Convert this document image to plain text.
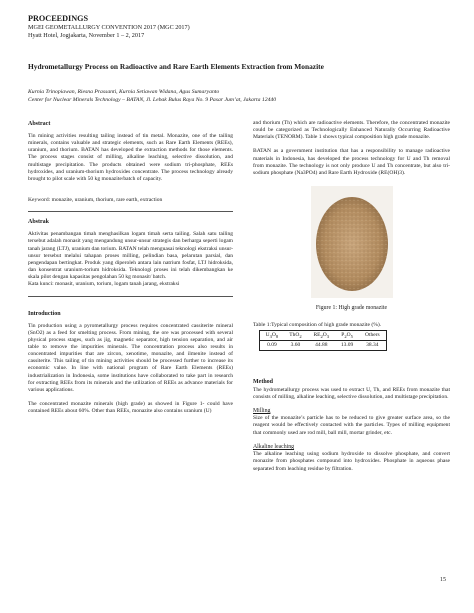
PROCEEDINGS
MGEI GEOMETALLURGY CONVENTION 2017 (MGC 2017)
Hyatt Hotel, Jogjakarta, November 1 – 2, 2017
Hydrometallurgy Process on Radioactive and Rare Earth Elements Extraction from Monazite
Kurnia Trinopiawan, Riesna Prassanti, Kurnia Setiawan Widana, Agus Sumaryanto
Center for Nuclear Minerals Technology – BATAN, Jl. Lebak Bulus Raya No. 9 Pasar Jum’at, Jakarta 12440
Abstract

Tin mining activities resulting tailing instead of tin metal. Monazite, one of the tailing minerals, contains valuable and strategic elements, such as Rare Earth Elements (REEs), uranium, and thorium. BATAN has developed the extraction methods for those elements. The process stages consist of milling, alkaline leaching, selective dissolution, and multistage precipitation. The products obtained were sodium tri-phosphate, REEs hydroxides, and uranium-thorium hydroxides concentrate. The process technology already brought to pilot scale with 50 kg monazite/batch of capacity.

Keyword: monazite, uranium, thorium, rare earth, extraction

Abstrak

Aktivitas penambangan timah menghasilkan logam timah serta tailing. Salah satu tailing tersebut adalah monasit yang mengandung unsur-unsur strategis dan berharga seperti logam tanah jarang (LTJ), uranium dan torium. BATAN telah menguasai teknologi ekstraksi unsur-unsur tersebut melalui tahapan proses milling, pelindian basa, pelarutan parsial, dan pengendapan bertingkat. Produk yang diperoleh antara lain natrium fosfat, LTJ hidroksida, dan konsentrat uranium-torium hidroksida. Teknologi proses ini telah dikembangkan ke skala pilot dengan kapasitas pengolahan 50 kg monasit/ batch.

Kata kunci: monasit, uranium, torium, logam tanah jarang, ekstraksi

Introduction

Tin production using a pyrometallurgy process requires concentrated cassiterite mineral (SnO2) as a feed for smelting process. From mining, the ore was processed with several physical process stages, such as jig, magnetic separator, high tension separation, and air table to remove the impurities minerals. The concentration process also results in concentrated impurities that are zircon, xenotime, monazite, and ilmenite instead of cassiterite. This tailing of tin mining activities should be processed further to increase its economic value. In line with national program of Rare Earth Elements (REEs) industrialization in Indonesia, some institutions have collaborated to take part in research for extracting REEs from its minerals and the utilization of REEs as advance materials for various applications.

The concentrated monazite minerals (high grade) as showed in Figure 1- could have contained REEs about 60%. Other than REEs, monazite also contains uranium (U)

and thorium (Th) which are radioactive elements. Therefore, the concentrated monazite could be categorized as Technologically Enhanced Naturally Occurring Radioactive Materials (TENORM). Table 1 shows typical composition high grade monazite.

BATAN as a government institution that has a responsibility to manage radioactive materials in Indonesia, has developed the process technology for U and Th removal from monazite. The technology is not only produce U and Th concentrate, but also tri-sodium phosphate (Na3PO4) and Rare Earth Hydroxide (RE(OH)3).

Figure 1: High grade monazite
Table 1:Typical composition of high grade monazite (%).
$U_3O_8$	ThO$_2$	$RE_2O_3$	$P_2O_5$	Others
0.09	3.60	44.88	13.09	38.34
Method

The hydrometallurgy process was used to extract U, Th, and REEs from monazite that consists of milling, alkaline leaching, selective dissolution, and multistage precipitation.

Milling

Size of the monazite’s particle has to be reduced to give greater surface area, so the reagent would be effectively contacted with the particles. Types of milling equipment that commonly used are rod mill, ball mill, mortar grinder, etc.

Alkaline leaching

The alkaline leaching using sodium hydroxide to dissolve phosphate, and convert monazite from phosphates compound into hydroxides. Phosphate in aqueous phase separated from leaching residue by filtration.

15
